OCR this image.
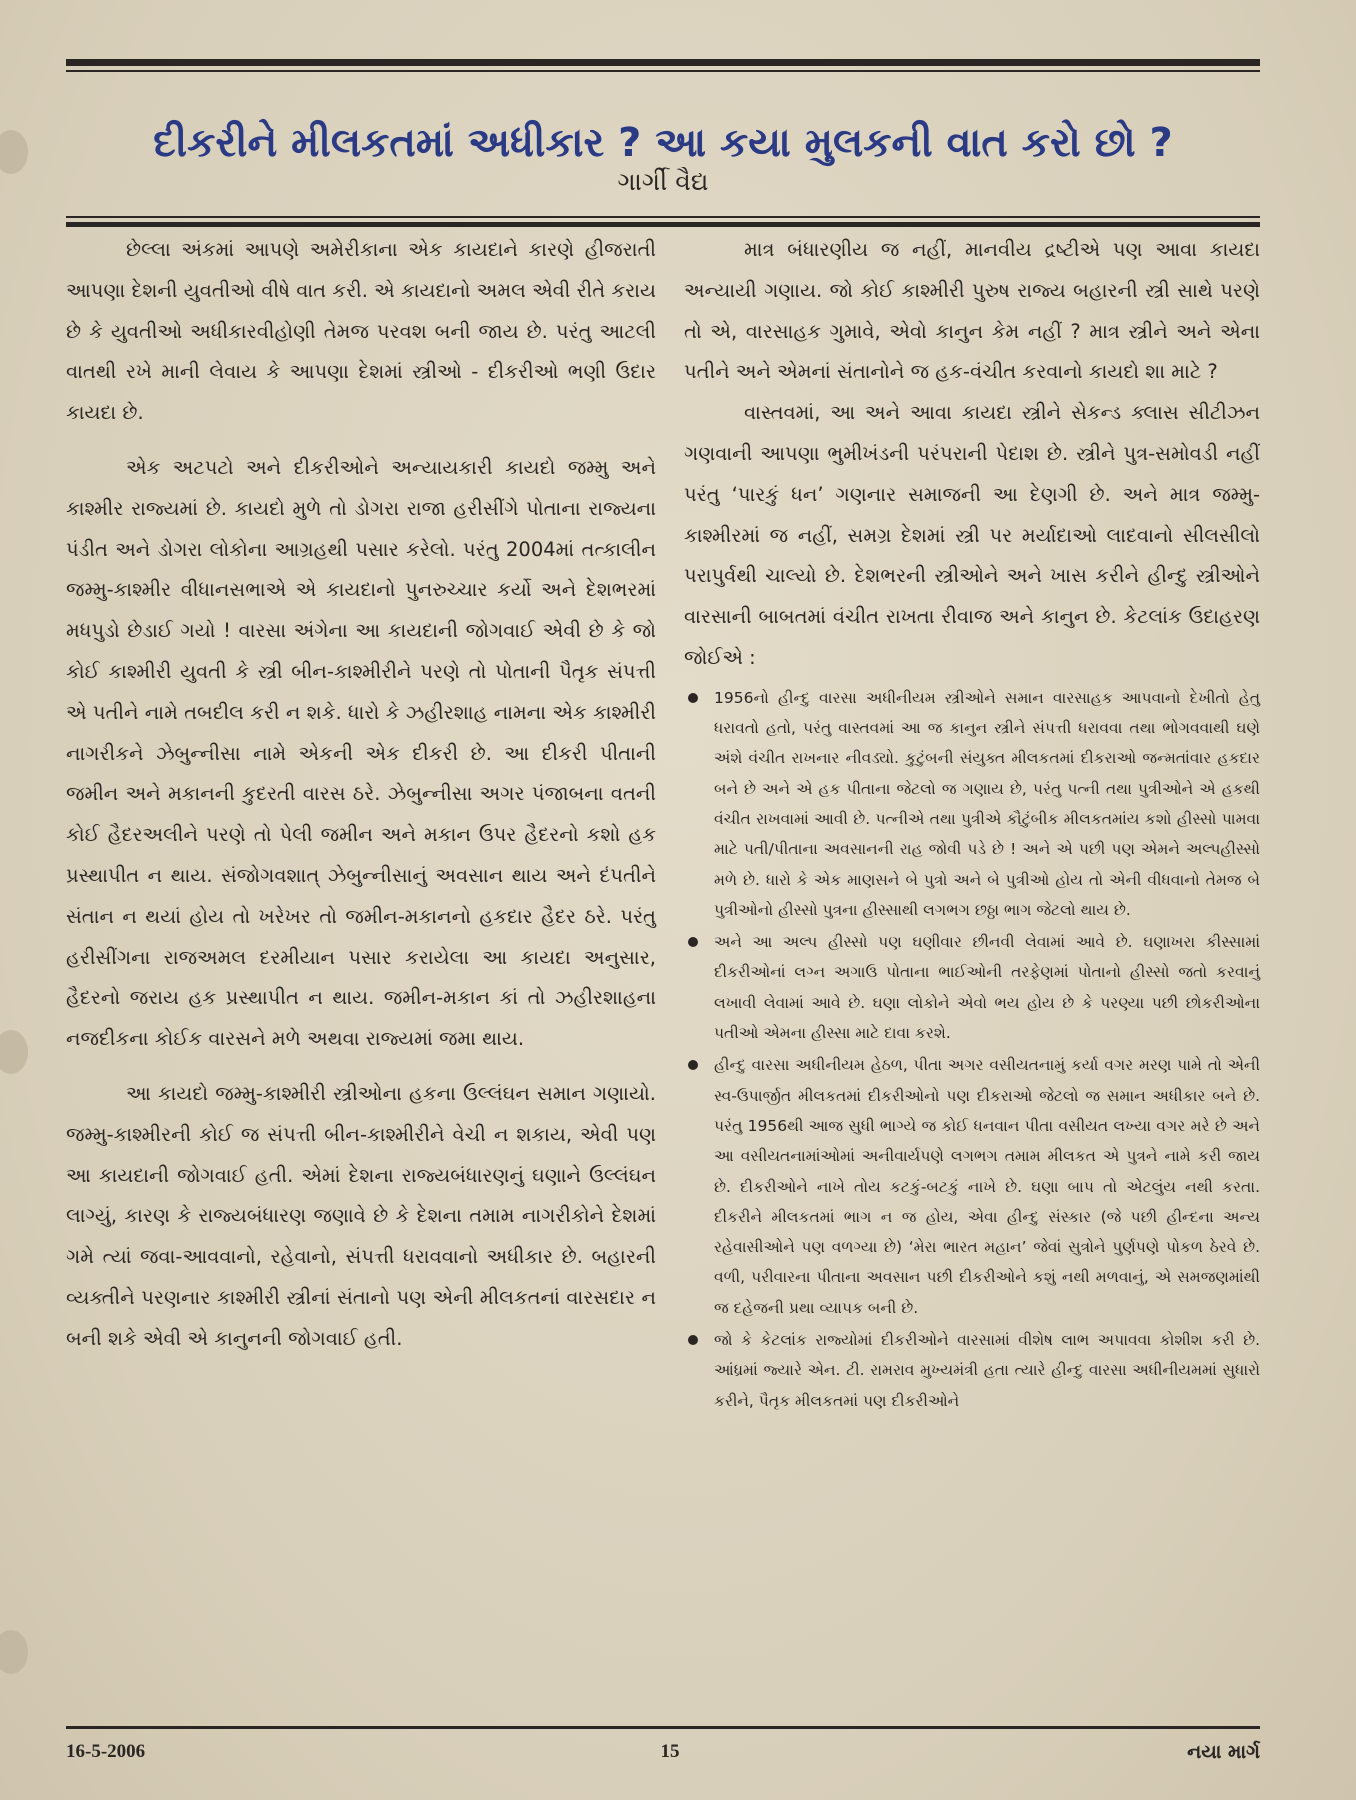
દીકરીને મીલકતમાં અધીકાર ? આ કયા મુલકની વાત કરો છો ?
ગાર્ગી વૈદ્ય

છેલ્લા અંકમાં આપણે અમેરીકાના એક કાયદાને કારણે હીજરાતી આપણા દેશની યુવતીઓ વીષે વાત કરી. એ કાયદાનો અમલ એવી રીતે કરાય છે કે યુવતીઓ અધીકારવીહોણી તેમજ પરવશ બની જાય છે. પરંતુ આટલી વાતથી રખે માની લેવાય કે આપણા દેશમાં સ્ત્રીઓ - દીકરીઓ ભણી ઉદાર કાયદા છે.

એક અટપટો અને દીકરીઓને અન્યાયકારી કાયદો જમ્મુ અને કાશ્મીર રાજ્યમાં છે. કાયદો મુળે તો ડોગરા રાજા હરીસીંગે પોતાના રાજ્યના પંડીત અને ડોગરા લોકોના આગ્રહથી પસાર કરેલો. પરંતુ 2004માં તત્કાલીન જમ્મુ-કાશ્મીર વીધાનસભાએ એ કાયદાનો પુનરુચ્ચાર કર્યો અને દેશભરમાં મધપુડો છેડાઈ ગયો ! વારસા અંગેના આ કાયદાની જોગવાઈ એવી છે કે જો કોઈ કાશ્મીરી યુવતી કે સ્ત્રી બીન-કાશ્મીરીને પરણે તો પોતાની પૈતૃક સંપત્તી એ પતીને નામે તબદીલ કરી ન શકે. ધારો કે ઝહીરશાહ નામના એક કાશ્મીરી નાગરીકને ઝેબુન્નીસા નામે એકની એક દીકરી છે. આ દીકરી પીતાની જમીન અને મકાનની કુદરતી વારસ ઠરે. ઝેબુન્નીસા અગર પંજાબના વતની કોઈ હૈદરઅલીને પરણે તો પેલી જમીન અને મકાન ઉપર હૈદરનો કશો હક પ્રસ્થાપીત ન થાય. સંજોગવશાત્ ઝેબુન્નીસાનું અવસાન થાય અને દંપતીને સંતાન ન થયાં હોય તો ખરેખર તો જમીન-મકાનનો હકદાર હૈદર ઠરે. પરંતુ હરીસીંગના રાજઅમલ દરમીયાન પસાર કરાયેલા આ કાયદા અનુસાર, હૈદરનો જરાય હક પ્રસ્થાપીત ન થાય. જમીન-મકાન કાં તો ઝહીરશાહના નજદીકના કોઈક વારસને મળે અથવા રાજ્યમાં જમા થાય.

આ કાયદો જમ્મુ-કાશ્મીરી સ્ત્રીઓના હકના ઉલ્લંઘન સમાન ગણાયો. જમ્મુ-કાશ્મીરની કોઈ જ સંપત્તી બીન-કાશ્મીરીને વેચી ન શકાય, એવી પણ આ કાયદાની જોગવાઈ હતી. એમાં દેશના રાજ્યબંધારણનું ઘણાને ઉલ્લંઘન લાગ્યું, કારણ કે રાજ્યબંધારણ જણાવે છે કે દેશના તમામ નાગરીકોને દેશમાં ગમે ત્યાં જવા-આવવાનો, રહેવાનો, સંપત્તી ધરાવવાનો અધીકાર છે. બહારની વ્યક્તીને પરણનાર કાશ્મીરી સ્ત્રીનાં સંતાનો પણ એની મીલકતનાં વારસદાર ન બની શકે એવી એ કાનુનની જોગવાઈ હતી.

માત્ર બંધારણીય જ નહીં, માનવીય દ્રષ્ટીએ પણ આવા કાયદા અન્યાયી ગણાય. જો કોઈ કાશ્મીરી પુરુષ રાજ્ય બહારની સ્ત્રી સાથે પરણે તો એ, વારસાહક ગુમાવે, એવો કાનુન કેમ નહીં ? માત્ર સ્ત્રીને અને એના પતીને અને એમનાં સંતાનોને જ હક-વંચીત કરવાનો કાયદો શા માટે ?

વાસ્તવમાં, આ અને આવા કાયદા સ્ત્રીને સેકન્ડ ક્લાસ સીટીઝન ગણવાની આપણા ભુમીખંડની પરંપરાની પેદાશ છે. સ્ત્રીને પુત્ર-સમોવડી નહીં પરંતુ ‘પારકું ધન’ ગણનાર સમાજની આ દેણગી છે. અને માત્ર જમ્મુ-કાશ્મીરમાં જ નહીં, સમગ્ર દેશમાં સ્ત્રી પર મર્યાદાઓ લાદવાનો સીલસીલો પરાપુર્વથી ચાલ્યો છે. દેશભરની સ્ત્રીઓને અને ખાસ કરીને હીન્દુ સ્ત્રીઓને વારસાની બાબતમાં વંચીત રાખતા રીવાજ અને કાનુન છે. કેટલાંક ઉદાહરણ જોઈએ :

1956નો હીન્દુ વારસા અધીનીયમ સ્ત્રીઓને સમાન વારસાહક આપવાનો દેખીતો હેતુ ધરાવતો હતો, પરંતુ વાસ્તવમાં આ જ કાનુન સ્ત્રીને સંપત્તી ધરાવવા તથા ભોગવવાથી ઘણે અંશે વંચીત રાખનાર નીવડ્યો. કુટુંબની સંયુક્ત મીલકતમાં દીકરાઓ જન્મતાંવાર હકદાર બને છે અને એ હક પીતાના જેટલો જ ગણાય છે, પરંતુ પત્ની તથા પુત્રીઓને એ હકથી વંચીત રાખવામાં આવી છે. પત્નીએ તથા પુત્રીએ કૌટુંબીક મીલકતમાંય કશો હીસ્સો પામવા માટે પતી/પીતાના અવસાનની રાહ જોવી પડે છે ! અને એ પછી પણ એમને અલ્પહીસ્સો મળે છે. ધારો કે એક માણસને બે પુત્રો અને બે પુત્રીઓ હોય તો એની વીધવાનો તેમજ બે પુત્રીઓનો હીસ્સો પુત્રના હીસ્સાથી લગભગ છઠ્ઠા ભાગ જેટલો થાય છે.
અને આ અલ્પ હીસ્સો પણ ઘણીવાર છીનવી લેવામાં આવે છે. ઘણાખરા કીસ્સામાં દીકરીઓનાં લગ્ન અગાઉ પોતાના ભાઈઓની તરફેણમાં પોતાનો હીસ્સો જતો કરવાનું લખાવી લેવામાં આવે છે. ઘણા લોકોને એવો ભય હોય છે કે પરણ્યા પછી છોકરીઓના પતીઓ એમના હીસ્સા માટે દાવા કરશે.
હીન્દુ વારસા અધીનીયમ હેઠળ, પીતા અગર વસીયતનામું કર્યા વગર મરણ પામે તો એની સ્વ-ઉપાર્જીત મીલકતમાં દીકરીઓનો પણ દીકરાઓ જેટલો જ સમાન અધીકાર બને છે. પરંતુ 1956થી આજ સુધી ભાગ્યે જ કોઈ ધનવાન પીતા વસીયત લખ્યા વગર મરે છે અને આ વસીયતનામાંઓમાં અનીવાર્યપણે લગભગ તમામ મીલકત એ પુત્રને નામે કરી જાય છે. દીકરીઓને નાખે તોય કટકું-બટકું નાખે છે. ઘણા બાપ તો એટલુંય નથી કરતા. દીકરીને મીલકતમાં ભાગ ન જ હોય, એવા હીન્દુ સંસ્કાર (જે પછી હીન્દના અન્ય રહેવાસીઓને પણ વળગ્યા છે) ‘મેરા ભારત મહાન’ જેવાં સુત્રોને પુર્ણપણે પોકળ ઠેરવે છે. વળી, પરીવારના પીતાના અવસાન પછી દીકરીઓને કશું નથી મળવાનું, એ સમજણમાંથી જ દહેજની પ્રથા વ્યાપક બની છે.
જો કે કેટલાંક રાજ્યોમાં દીકરીઓને વારસામાં વીશેષ લાભ અપાવવા કોશીશ કરી છે. આંધ્રમાં જ્યારે એન. ટી. રામરાવ મુખ્યમંત્રી હતા ત્યારે હીન્દુ વારસા અધીનીયમમાં સુધારો કરીને, પૈતૃક મીલકતમાં પણ દીકરીઓને
16-5-2006	15	નયા માર્ગ
